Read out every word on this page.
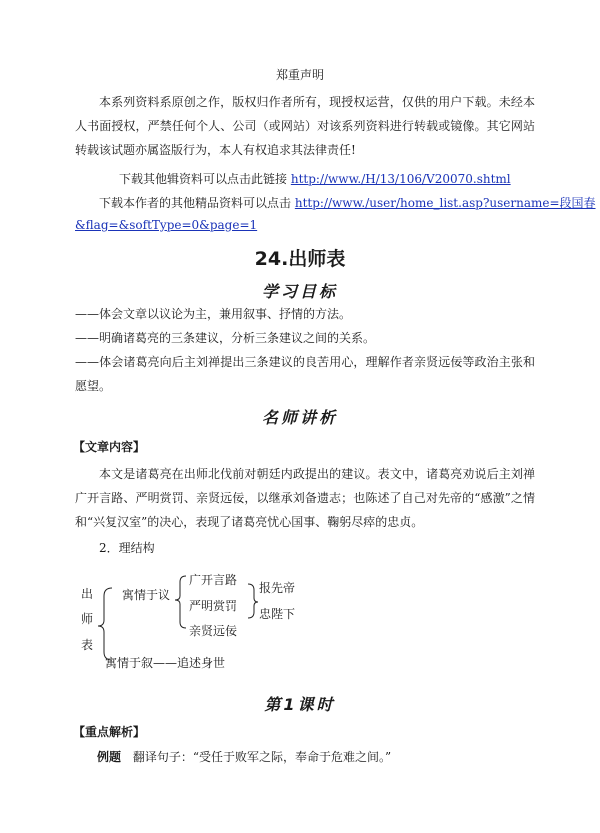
郑重声明
本系列资料系原创之作，版权归作者所有，现授权运营，仅供的用户下载。未经本人书面授权，严禁任何个人、公司（或网站）对该系列资料进行转载或镜像。其它网站转载该试题亦属盗版行为，本人有权追求其法律责任!
下载其他辑资料可以点击此链接 http://www./H/13/106/V20070.shtml
下载本作者的其他精品资料可以点击 http://www./user/home_list.asp?username=段国春
&flag=&softType=0&page=1
24.出师表
学习目标
——体会文章以议论为主，兼用叙事、抒情的方法。
——明确诸葛亮的三条建议，分析三条建议之间的关系。
——体会诸葛亮向后主刘禅提出三条建议的良苦用心，理解作者亲贤远佞等政治主张和愿望。
名师讲析
【文章内容】
本文是诸葛亮在出师北伐前对朝廷内政提出的建议。表文中，诸葛亮劝说后主刘禅广开言路、严明赏罚、亲贤远佞，以继承刘备遗志；也陈述了自己对先帝的“感激”之情和“兴复汉室”的决心，表现了诸葛亮忧心国事、鞠躬尽瘁的忠贞。
2．理结构
出
师
表
寓情于议
广开言路
严明赏罚
亲贤远佞
报先帝
忠陛下
寓情于叙——追述身世
第1课时
【重点解析】
例题 翻译句子：“受任于败军之际，奉命于危难之间。”
